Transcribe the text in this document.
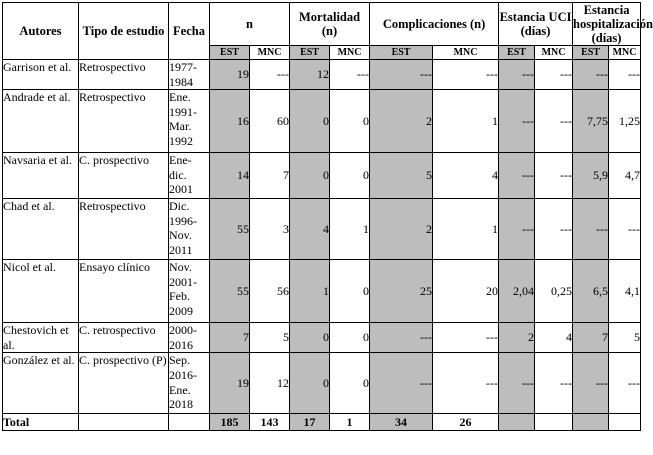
Autores	Tipo de estudio	Fecha	n		Mortalidad (n)		Complicaciones (n)		Estancia UCI (días)		Estancia hospitalización (días)	
			EST	MNC	EST	MNC	EST	MNC	EST	MNC	EST	MNC
Garrison et al.	Retrospectivo	1977-1984	19	---	12	---	---	---	---	---	---	---
Andrade et al.	Retrospectivo	Ene. 1991-Mar. 1992	16	60	0	0	2	1	---	---	7,75	1,25
Navsaria et al.	C. prospectivo	Ene-dic. 2001	14	7	0	0	5	4	---	---	5,9	4,7
Chad et al.	Retrospectivo	Dic. 1996-Nov. 2011	55	3	4	1	2	1	---	---	---	---
Nicol et al.	Ensayo clínico	Nov. 2001-Feb. 2009	55	56	1	0	25	20	2,04	0,25	6,5	4,1
Chestovich et al.	C. retrospectivo	2000-2016	7	5	0	0	---	---	2	4	7	5
González et al.	C. prospectivo (P)	Sep. 2016-Ene. 2018	19	12	0	0	---	---	---	---	---	---
Total			185	143	17	1	34	26				
